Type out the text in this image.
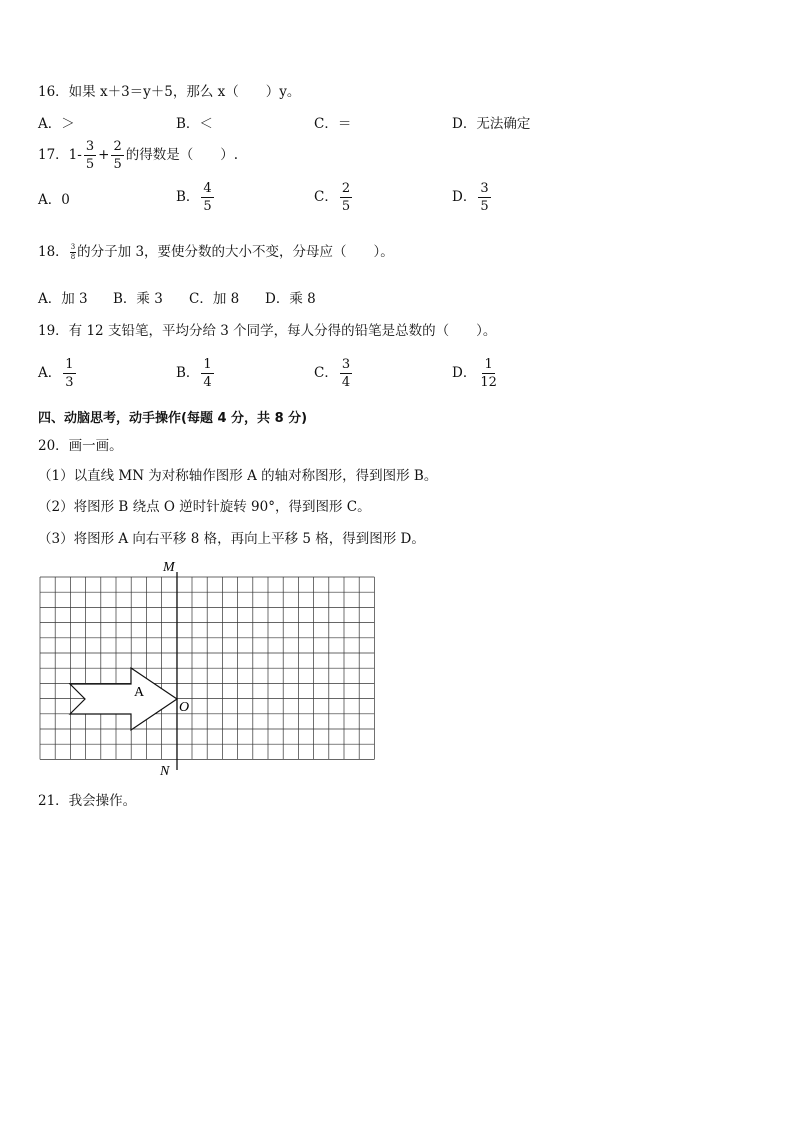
16．如果 x＋3＝y＋5，那么 x（　　）y。
A．＞	B．＜	C．＝	D．无法确定
17．$1- \frac{3}{5} + \frac{2}{5}$ 的得数是（　　）.
A．0	B． $\frac{4}{5}$	C． $\frac{2}{5}$	D． $\frac{3}{5}$
18． $\frac{3}{8}$ 的分子加 3，要使分数的大小不变，分母应（　　）。
A．加 3 B．乘 3 C．加 8 D．乘 8
19．有 12 支铅笔，平均分给 3 个同学，每人分得的铅笔是总数的（　　）。
A． $\frac{1}{3}$	B． $\frac{1}{4}$	C． $\frac{3}{4}$	D． $\frac{1}{12}$
四、动脑思考，动手操作(每题 4 分，共 8 分)
20．画一画。
（1）以直线 MN 为对称轴作图形 A 的轴对称图形，得到图形 B。
（2）将图形 B 绕点 O 逆时针旋转 90°，得到图形 C。
（3）将图形 A 向右平移 8 格，再向上平移 5 格，得到图形 D。
M
N
O
A
21．我会操作。
